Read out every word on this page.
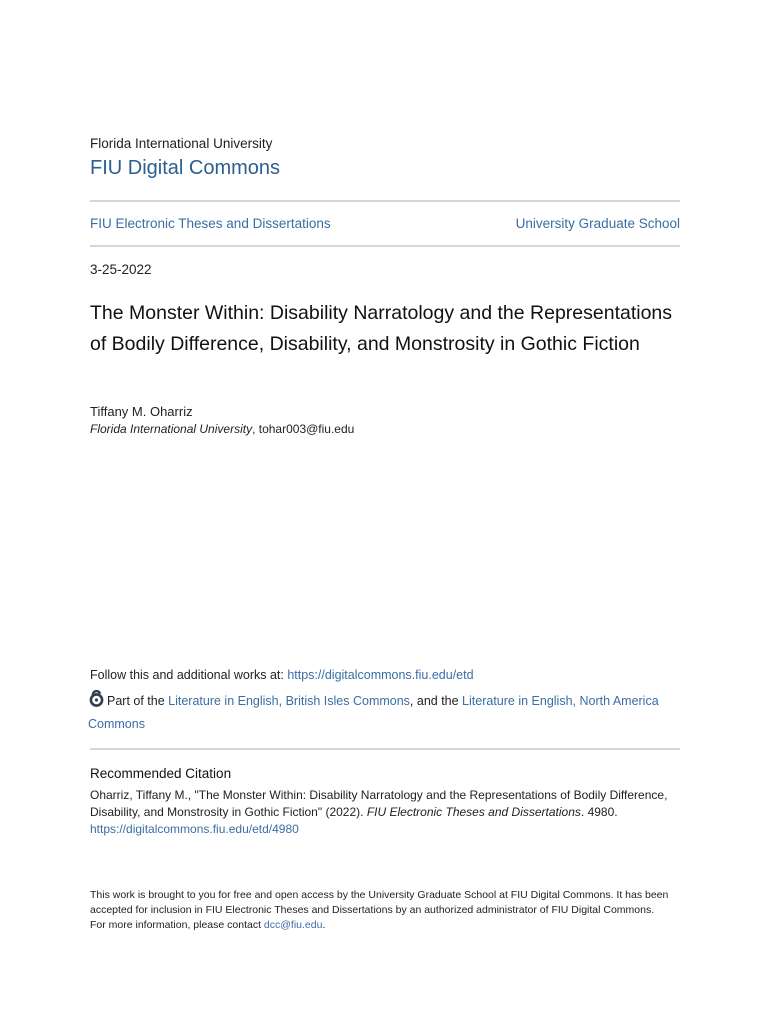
Florida International University
FIU Digital Commons
FIU Electronic Theses and Dissertations	University Graduate School
3-25-2022
The Monster Within: Disability Narratology and the Representations of Bodily Difference, Disability, and Monstrosity in Gothic Fiction
Tiffany M. Oharriz
Florida International University, tohar003@fiu.edu
Follow this and additional works at: https://digitalcommons.fiu.edu/etd
Part of the Literature in English, British Isles Commons, and the Literature in English, North America Commons
Recommended Citation
Oharriz, Tiffany M., "The Monster Within: Disability Narratology and the Representations of Bodily Difference, Disability, and Monstrosity in Gothic Fiction" (2022). FIU Electronic Theses and Dissertations. 4980.
https://digitalcommons.fiu.edu/etd/4980
This work is brought to you for free and open access by the University Graduate School at FIU Digital Commons. It has been accepted for inclusion in FIU Electronic Theses and Dissertations by an authorized administrator of FIU Digital Commons. For more information, please contact dcc@fiu.edu.
